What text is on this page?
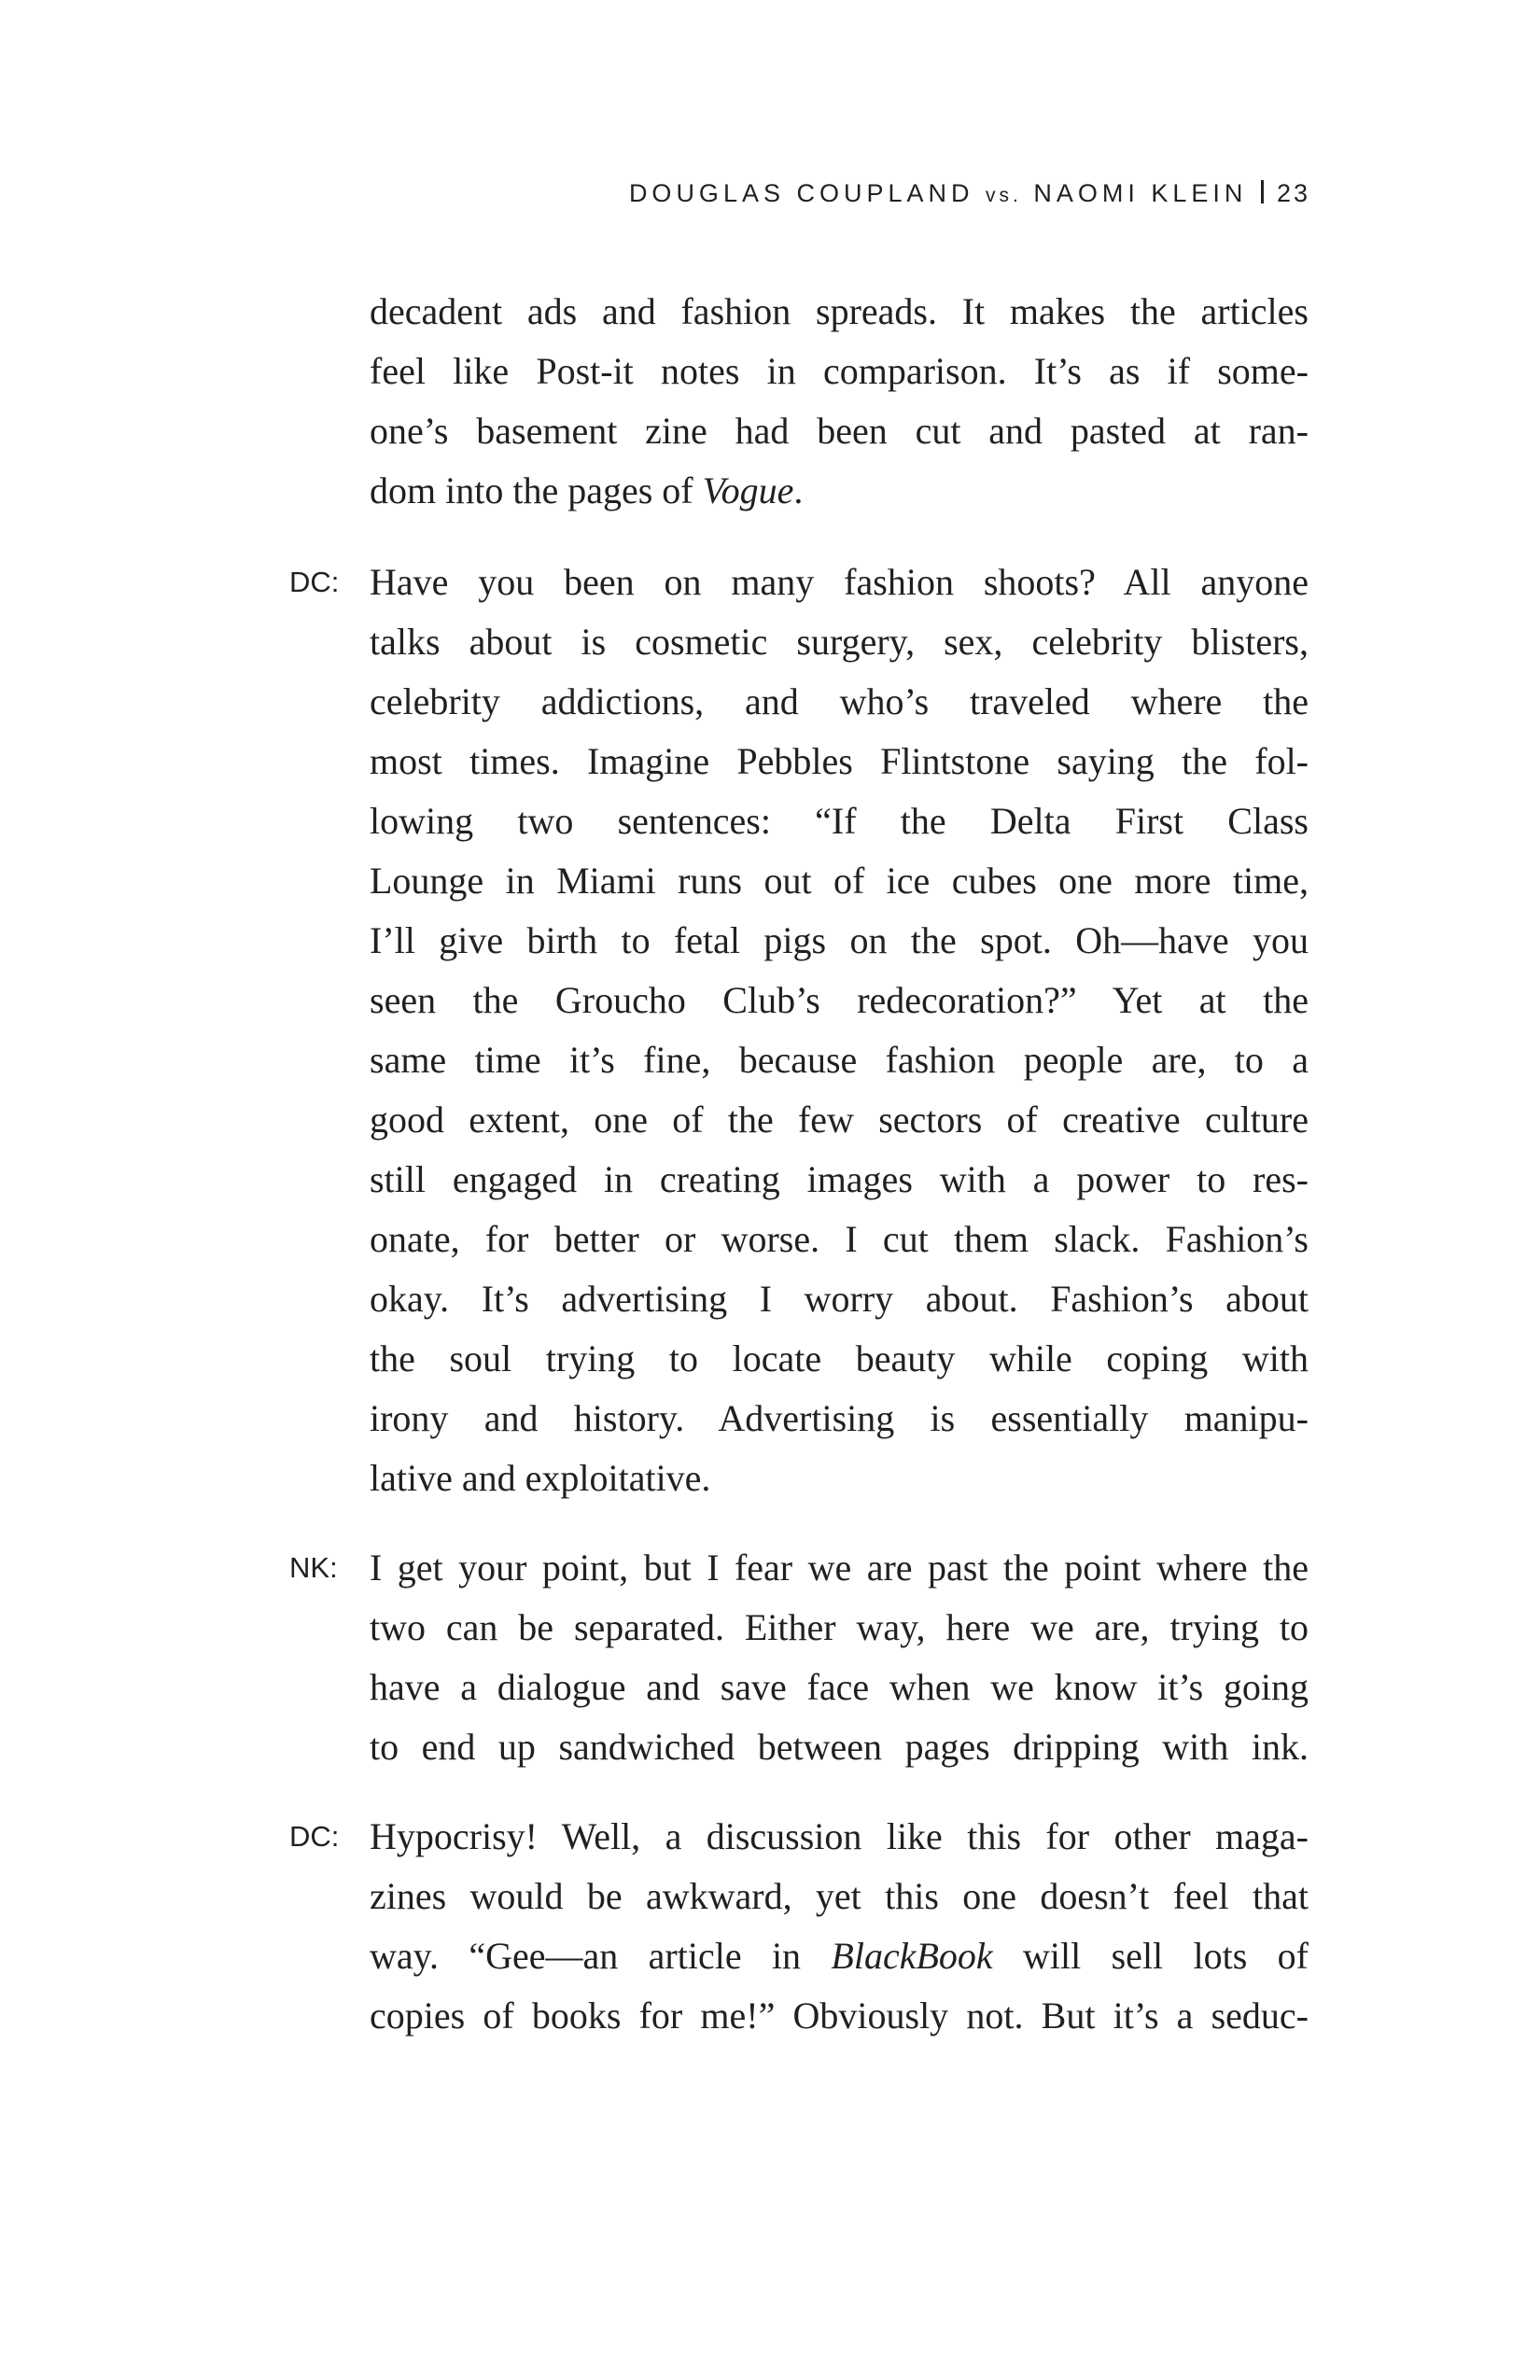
DOUGLAS COUPLAND vs. NAOMI KLEIN 23
decadent ads and fashion spreads. It makes the articles
feel like Post-it notes in comparison. It’s as if some-
one’s basement zine had been cut and pasted at ran-
dom into the pages of Vogue.
DC: Have you been on many fashion shoots? All anyone
talks about is cosmetic surgery, sex, celebrity blisters,
celebrity addictions, and who’s traveled where the
most times. Imagine Pebbles Flintstone saying the fol-
lowing two sentences: “If the Delta First Class
Lounge in Miami runs out of ice cubes one more time,
I’ll give birth to fetal pigs on the spot. Oh—have you
seen the Groucho Club’s redecoration?” Yet at the
same time it’s fine, because fashion people are, to a
good extent, one of the few sectors of creative culture
still engaged in creating images with a power to res-
onate, for better or worse. I cut them slack. Fashion’s
okay. It’s advertising I worry about. Fashion’s about
the soul trying to locate beauty while coping with
irony and history. Advertising is essentially manipu-
lative and exploitative.
NK: I get your point, but I fear we are past the point where the
two can be separated. Either way, here we are, trying to
have a dialogue and save face when we know it’s going
to end up sandwiched between pages dripping with ink.
DC: Hypocrisy! Well, a discussion like this for other maga-
zines would be awkward, yet this one doesn’t feel that
way. “Gee—an article in BlackBook will sell lots of
copies of books for me!” Obviously not. But it’s a seduc-
